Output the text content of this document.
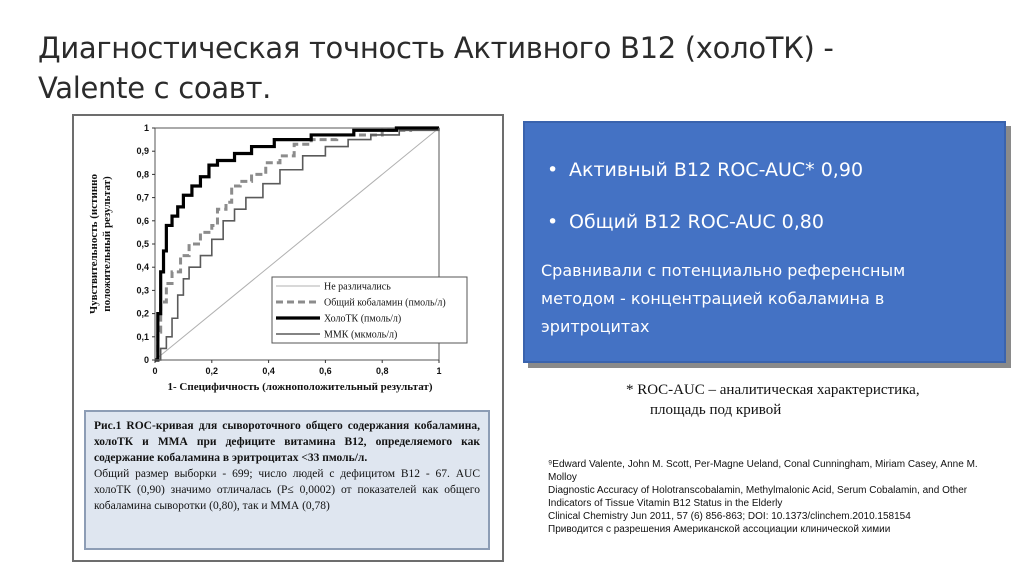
Диагностическая точность Активного В12 (холоТК) -
Valente с соавт.
Чувствительность (истинно положительный результат)
1- Специфичность (ложноположительный результат)
0
0,1
0,2
0,3
0,4
0,5
0,6
0,7
0,8
0,9
1
0	0,2	0,4	0,6	0,8	1
Не различались
Общий кобаламин (пмоль/л)
ХолоТК (пмоль/л)
ММК (мкмоль/л)
Рис.1 ROC-кривая для сывороточного общего содержания кобаламина, холоТК и ММА при дефиците витамина В12, определяемого как содержание кобаламина в эритроцитах <33 пмоль/л.
Общий размер выборки - 699; число людей с дефицитом В12 - 67. AUC холоТК (0,90) значимо отличалась (P≤ 0,0002) от показателей как общего кобаламина сыворотки (0,80), так и ММА (0,78)
• Активный В12 ROC-AUC* 0,90
• Общий В12 ROC-AUC 0,80
Сравнивали с потенциально референсным методом - концентрацией кобаламина в эритроцитах
* ROC-AUC – аналитическая характеристика,
площадь под кривой
⁹Edward Valente, John M. Scott, Per-Magne Ueland, Conal Cunningham, Miriam Casey, Anne M. Molloy
Diagnostic Accuracy of Holotranscobalamin, Methylmalonic Acid, Serum Cobalamin, and Other Indicators of Tissue Vitamin B12 Status in the Elderly
Clinical Chemistry Jun 2011, 57 (6) 856-863; DOI: 10.1373/clinchem.2010.158154
Приводится с разрешения Американской ассоциации клинической химии
